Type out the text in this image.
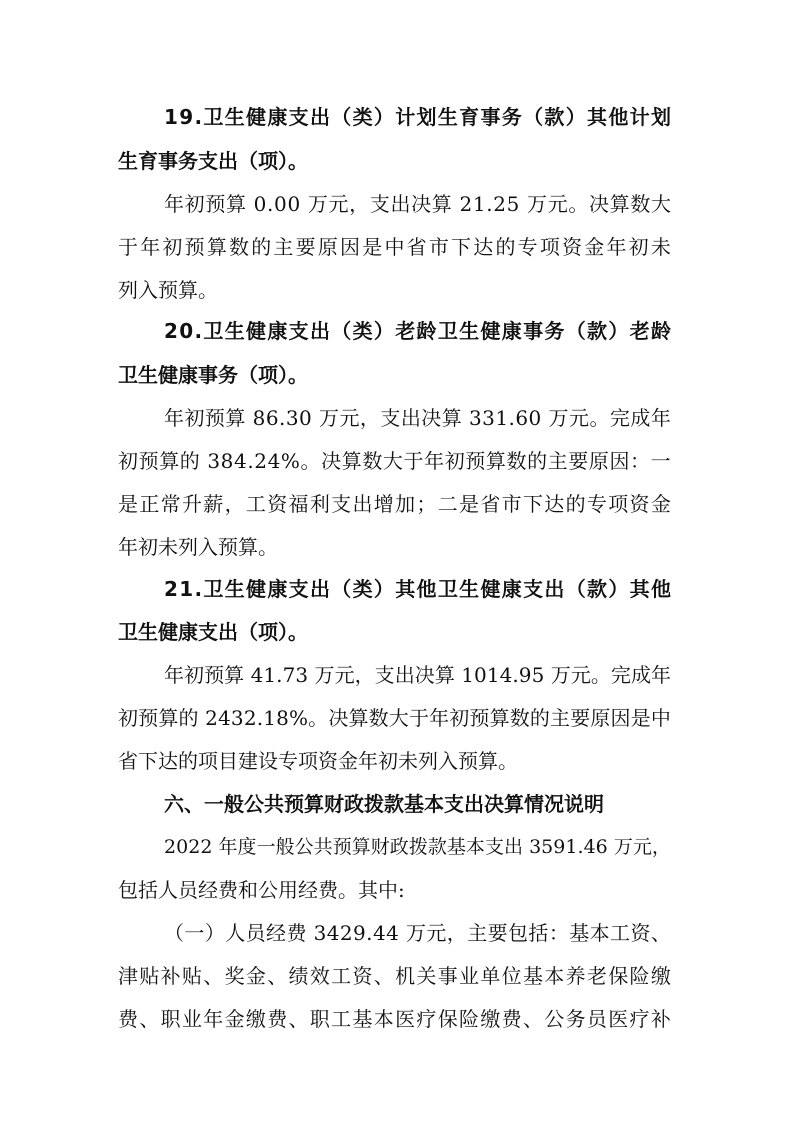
1 9 . 卫 生 健 康 支 出 （ 类 ） 计 划 生 育 事 务 （ 款 ） 其 他 计 划
生育事务支出（项）。
年 初 预 算
0 . 0 0
万 元 ， 支 出 决 算
2 1 . 2 5
万 元 。 决 算 数 大
于 年 初 预 算 数 的 主 要 原 因 是 中 省 市 下 达 的 专 项 资 金 年 初 未
列入预算。
2 0 . 卫 生 健 康 支 出 （ 类 ） 老 龄 卫 生 健 康 事 务 （ 款 ） 老 龄
卫生健康事务（项）。
年 初 预 算
8 6 . 3 0
万 元 ， 支 出 决 算
3 3 1 . 6 0
万 元 。 完 成 年
初 预 算 的
3 8 4 . 2 4 % 。 决 算 数 大 于 年 初 预 算 数 的 主 要 原 因 ： 一
是 正 常 升 薪 ， 工 资 福 利 支 出 增 加 ； 二 是 省 市 下 达 的 专 项 资 金
年初未列入预算。
2 1 . 卫 生 健 康 支 出 （ 类 ） 其 他 卫 生 健 康 支 出 （ 款 ） 其 他
卫生健康支出（项）。
年 初 预 算
4 1 . 7 3
万 元 ， 支 出 决 算
1 0 1 4 . 9 5
万 元 。 完 成 年
初 预 算 的
2 4 3 2 . 1 8 % 。 决 算 数 大 于 年 初 预 算 数 的 主 要 原 因 是 中
省下达的项目建设专项资金年初未列入预算。
六、一般公共预算财政拨款基本支出决算情况说明
2 0 2 2
年 度 一 般 公 共 预 算 财 政 拨 款 基 本 支 出
3 5 9 1 . 4 6
万 元 ，
包括人员经费和公用经费。其中:
（ 一 ） 人 员 经 费
3 4 2 9 . 4 4
万 元 ， 主 要 包 括 ： 基 本 工 资 、
津 贴 补 贴 、 奖 金 、 绩 效 工 资 、 机 关 事 业 单 位 基 本 养 老 保 险 缴
费 、 职 业 年 金 缴 费 、 职 工 基 本 医 疗 保 险 缴 费 、 公 务 员 医 疗 补
